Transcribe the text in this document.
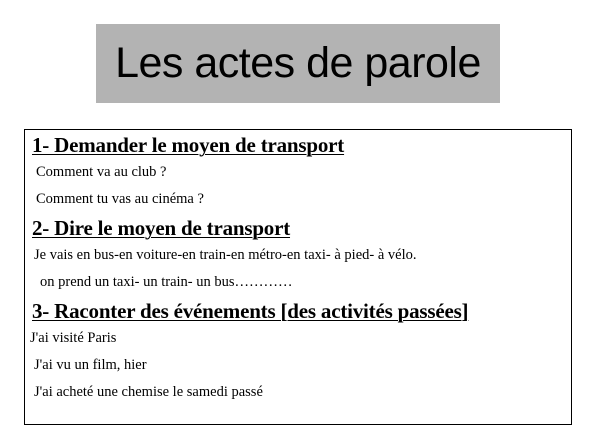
Les actes de parole
1- Demander le moyen de transport
Comment va au club ?
Comment tu vas au cinéma ?
2- Dire le moyen de transport
Je vais en bus-en voiture-en train-en métro-en taxi- à pied- à vélo.
on prend un taxi- un train- un bus…………
3- Raconter des événements [des activités passées]
J'ai visité Paris
J'ai vu un film, hier
J'ai acheté une chemise le samedi passé
